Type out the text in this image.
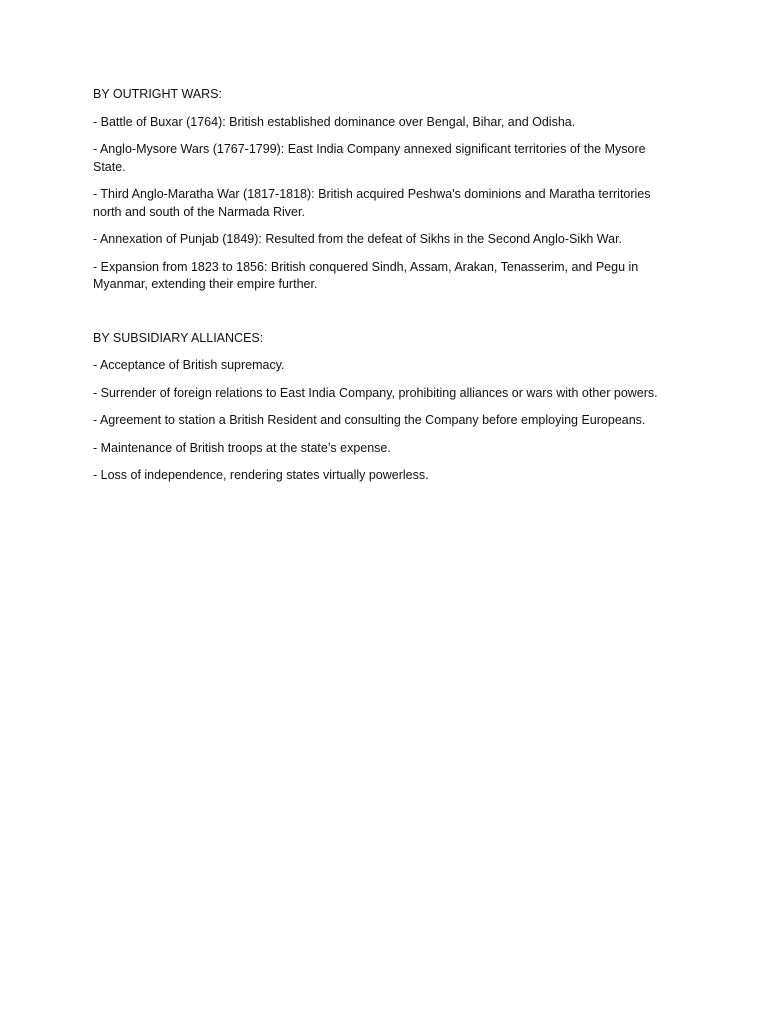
BY OUTRIGHT WARS:

- Battle of Buxar (1764): British established dominance over Bengal, Bihar, and Odisha.

- Anglo-Mysore Wars (1767-1799): East India Company annexed significant territories of the Mysore State.

- Third Anglo-Maratha War (1817-1818): British acquired Peshwa's dominions and Maratha territories north and south of the Narmada River.

- Annexation of Punjab (1849): Resulted from the defeat of Sikhs in the Second Anglo-Sikh War.

- Expansion from 1823 to 1856: British conquered Sindh, Assam, Arakan, Tenasserim, and Pegu in Myanmar, extending their empire further.

BY SUBSIDIARY ALLIANCES:

- Acceptance of British supremacy.

- Surrender of foreign relations to East India Company, prohibiting alliances or wars with other powers.

- Agreement to station a British Resident and consulting the Company before employing Europeans.

- Maintenance of British troops at the state’s expense.

- Loss of independence, rendering states virtually powerless.
